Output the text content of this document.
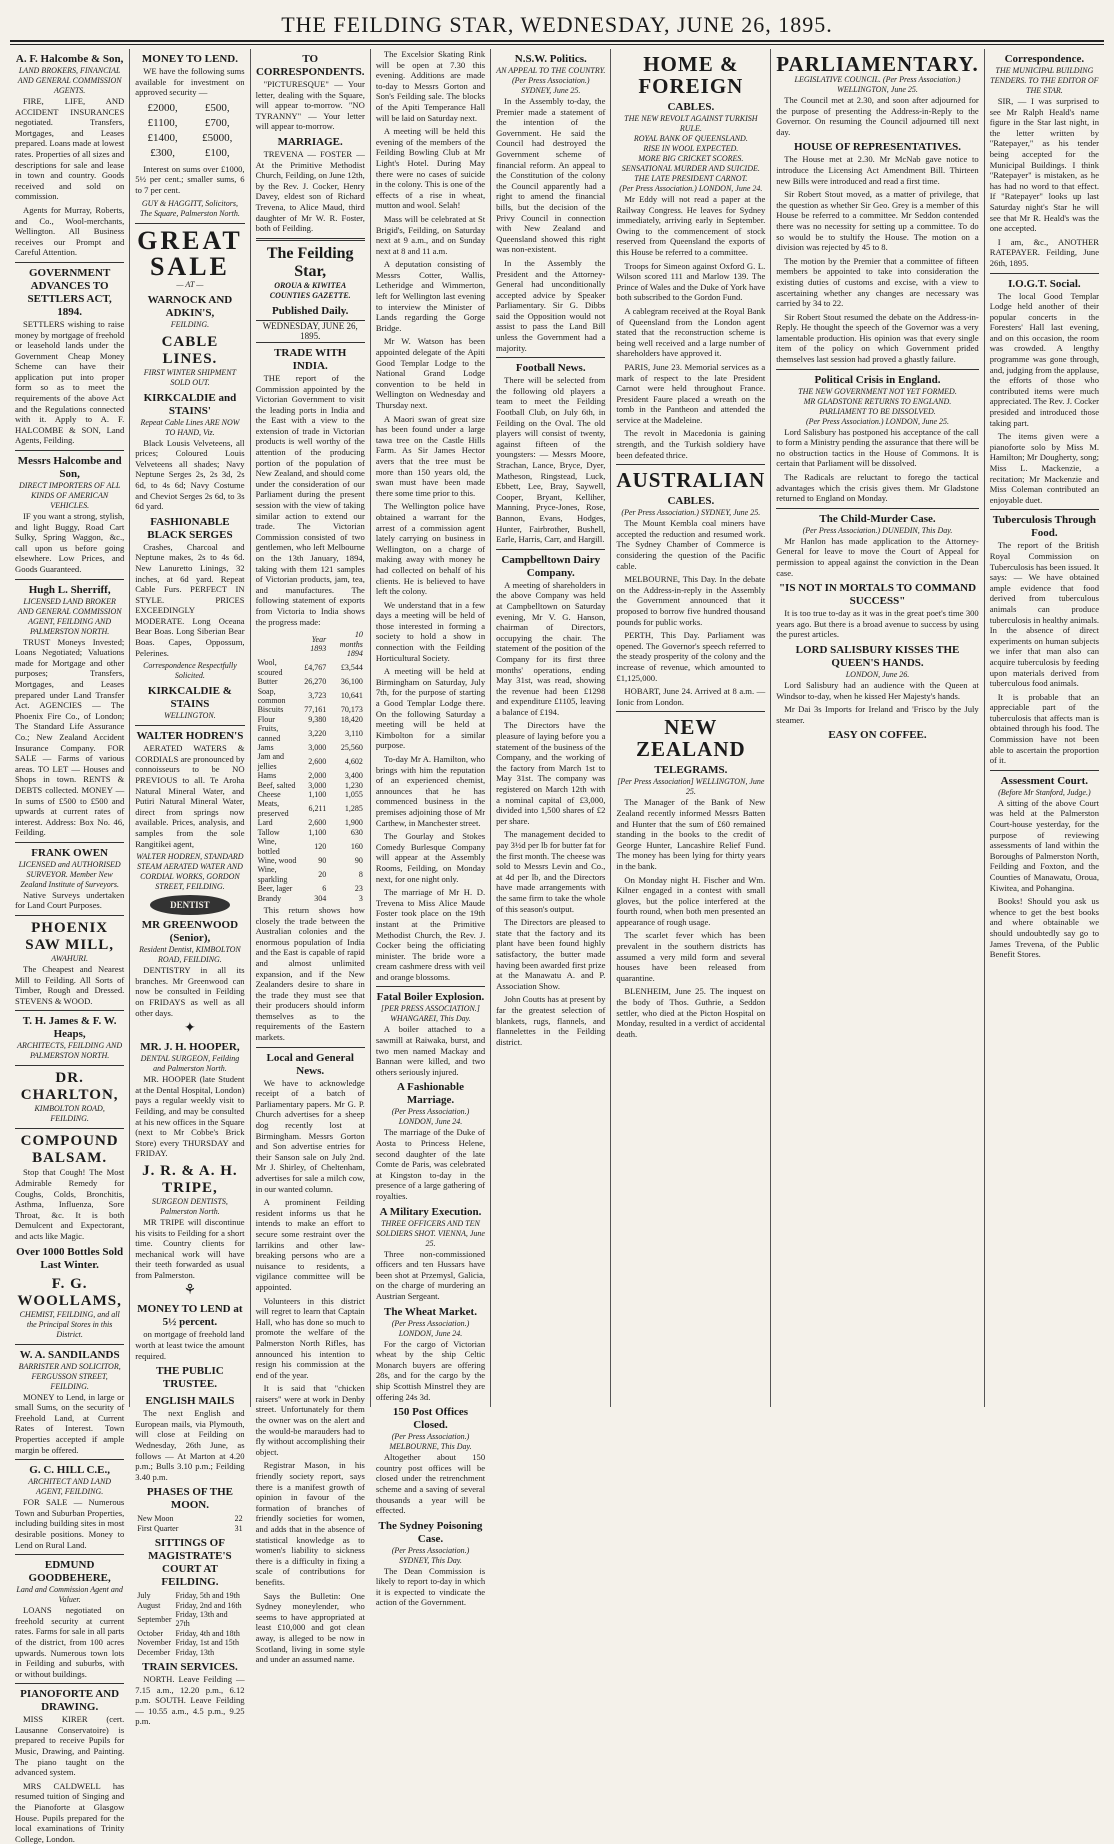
THE FEILDING STAR, WEDNESDAY, JUNE 26, 1895.
A. F. Halcombe & Son,
LAND BROKERS, FINANCIAL AND GENERAL COMMISSION AGENTS.

FIRE, LIFE, AND ACCIDENT INSURANCES negotiated. Transfers, Mortgages, and Leases prepared. Loans made at lowest rates. Properties of all sizes and descriptions for sale and lease in town and country. Goods received and sold on commission.

Agents for Murray, Roberts, and Co., Wool-merchants, Wellington. All Business receives our Prompt and Careful Attention.

GOVERNMENT ADVANCES TO SETTLERS ACT, 1894.

SETTLERS wishing to raise money by mortgage of freehold or leasehold lands under the Government Cheap Money Scheme can have their application put into proper form so as to meet the requirements of the above Act and the Regulations connected with it. Apply to A. F. HALCOMBE & SON, Land Agents, Feilding.

Messrs Halcombe and Son,
DIRECT IMPORTERS OF ALL KINDS OF AMERICAN VEHICLES.

IF you want a strong, stylish, and light Buggy, Road Cart Sulky, Spring Waggon, &c., call upon us before going elsewhere. Low Prices, and Goods Guaranteed.

Hugh L. Sherriff,
LICENSED LAND BROKER AND GENERAL COMMISSION AGENT, FEILDING AND PALMERSTON NORTH.

TRUST Moneys Invested; Loans Negotiated; Valuations made for Mortgage and other purposes; Transfers, Mortgages, and Leases prepared under Land Transfer Act. AGENCIES — The Phoenix Fire Co., of London; The Standard Life Assurance Co.; New Zealand Accident Insurance Company. FOR SALE — Farms of various areas. TO LET — Houses and Shops in town. RENTS & DEBTS collected. MONEY — In sums of £500 to £500 and upwards at current rates of interest. Address: Box No. 46, Feilding.

FRANK OWEN
LICENSED and AUTHORISED SURVEYOR. Member New Zealand Institute of Surveyors.

Native Surveys undertaken for Land Court Purposes.

PHOENIX SAW MILL,
AWAHURI.

The Cheapest and Nearest Mill to Feilding. All Sorts of Timber, Rough and Dressed. STEVENS & WOOD.

T. H. James & F. W. Heaps,
ARCHITECTS, FEILDING AND PALMERSTON NORTH.
DR. CHARLTON,
KIMBOLTON ROAD, FEILDING.
COMPOUND BALSAM.

Stop that Cough! The Most Admirable Remedy for Coughs, Colds, Bronchitis, Asthma, Influenza, Sore Throat, &c. It is both Demulcent and Expectorant, and acts like Magic.

Over 1000 Bottles Sold Last Winter.
F. G. WOOLLAMS,
CHEMIST, FEILDING, and all the Principal Stores in this District.
W. A. SANDILANDS
BARRISTER AND SOLICITOR, FERGUSSON STREET, FEILDING.

MONEY to Lend, in large or small Sums, on the security of Freehold Land, at Current Rates of Interest. Town Properties accepted if ample margin be offered.

G. C. HILL C.E.,
ARCHITECT AND LAND AGENT, FEILDING.

FOR SALE — Numerous Town and Suburban Properties, including building sites in most desirable positions. Money to Lend on Rural Land.

EDMUND GOODBEHERE,
Land and Commission Agent and Valuer.

LOANS negotiated on freehold security at current rates. Farms for sale in all parts of the district, from 100 acres upwards. Numerous town lots in Feilding and suburbs, with or without buildings.

PIANOFORTE AND DRAWING.

MISS KIRER (cert. Lausanne Conservatoire) is prepared to receive Pupils for Music, Drawing, and Painting. The piano taught on the advanced system.

MRS CALDWELL has resumed tuition of Singing and the Pianoforte at Glasgow House. Pupils prepared for the local examinations of Trinity College, London.

MONEY TO LEND.

WE have the following sums available for investment on approved security —

£2000,	£500,
£1100,	£700,
£1400,	£5000,
£300,	£100,

Interest on sums over £1000, 5½ per cent.; smaller sums, 6 to 7 per cent.

GUY & HAGGITT, Solicitors, The Square, Palmerston North.
GREAT SALE
— AT —
WARNOCK AND ADKIN'S,
FEILDING.
CABLE LINES.
FIRST WINTER SHIPMENT SOLD OUT.
KIRKCALDIE and STAINS'
Repeat Cable Lines ARE NOW TO HAND, Viz.

Black Lousis Velveteens, all prices; Coloured Louis Velveteens all shades; Navy Neptune Serges 2s, 2s 3d, 2s 6d, to 4s 6d; Navy Costume and Cheviot Serges 2s 6d, to 3s 6d yard.

FASHIONABLE BLACK SERGES

Crashes, Charcoal and Neptune makes, 2s to 4s 6d. New Lanuretto Linings, 32 inches, at 6d yard. Repeat Cable Furs. PERFECT IN STYLE. PRICES EXCEEDINGLY MODERATE. Long Oceana Bear Boas. Long Siberian Bear Boas. Capes, Oppossum, Pelerines.

Correspondence Respectfully Solicited.
KIRKCALDIE & STAINS
WELLINGTON.
WALTER HODREN'S

AERATED WATERS & CORDIALS are pronounced by connoisseurs to be NO PREVIOUS to all. Te Aroha Natural Mineral Water, and Putiri Natural Mineral Water, direct from springs now available. Prices, analysis, and samples from the sole Rangitikei agent,

WALTER HODREN, STANDARD STEAM AERATED WATER AND CORDIAL WORKS, GORDON STREET, FEILDING.
DENTIST
MR GREENWOOD (Senior),
Resident Dentist, KIMBOLTON ROAD, FEILDING.

DENTISTRY in all its branches. Mr Greenwood can now be consulted in Feilding on FRIDAYS as well as all other days.

✦
MR. J. H. HOOPER,
DENTAL SURGEON, Feilding and Palmerston North.

MR. HOOPER (late Student at the Dental Hospital, London) pays a regular weekly visit to Feilding, and may be consulted at his new offices in the Square (next to Mr Cobbe's Brick Store) every THURSDAY and FRIDAY.

J. R. & A. H. TRIPE,
SURGEON DENTISTS, Palmerston North.

MR TRIPE will discontinue his visits to Feilding for a short time. Country clients for mechanical work will have their teeth forwarded as usual from Palmerston.

⚘
MONEY TO LEND at 5½ percent.

on mortgage of freehold land worth at least twice the amount required.

THE PUBLIC TRUSTEE.
ENGLISH MAILS

The next English and European mails, via Plymouth, will close at Feilding on Wednesday, 26th June, as follows — At Marton at 4.20 p.m.; Bulls 3.10 p.m.; Feilding 3.40 p.m.

PHASES OF THE MOON.
New Moon	22
First Quarter	31
SITTINGS OF MAGISTRATE'S COURT AT FEILDING.
July	Friday, 5th and 19th
August	Friday, 2nd and 16th
September	Friday, 13th and 27th
October	Friday, 4th and 18th
November	Friday, 1st and 15th
December	Friday, 13th
TRAIN SERVICES.

NORTH. Leave Feilding — 7.15 a.m., 12.20 p.m., 6.12 p.m. SOUTH. Leave Feilding — 10.55 a.m., 4.5 p.m., 9.25 p.m.

TO CORRESPONDENTS.

"PICTURESQUE" — Your letter, dealing with the Square, will appear to-morrow. "NO TYRANNY" — Your letter will appear to-morrow.

MARRIAGE.

TREVENA — FOSTER — At the Primitive Methodist Church, Feilding, on June 12th, by the Rev. J. Cocker, Henry Davey, eldest son of Richard Trevena, to Alice Maud, third daughter of Mr W. R. Foster, both of Feilding.

The Feilding Star,
OROUA & KIWITEA COUNTIES GAZETTE.
Published Daily.
WEDNESDAY, JUNE 26, 1895.
TRADE WITH INDIA.

THE report of the Commission appointed by the Victorian Government to visit the leading ports in India and the East with a view to the extension of trade in Victorian products is well worthy of the attention of the producing portion of the population of New Zealand, and should come under the consideration of our Parliament during the present session with the view of taking similar action to extend our trade. The Victorian Commission consisted of two gentlemen, who left Melbourne on the 13th January, 1894, taking with them 121 samples of Victorian products, jam, tea, and manufactures. The following statement of exports from Victoria to India shows the progress made:

	Year 1893	10 months 1894
Wool, scoured	£4,767	£3,544
Butter	26,270	36,100
Soap, common	3,723	10,641
Biscuits	77,161	70,173
Flour	9,380	18,420
Fruits, canned	3,220	3,110
Jams	3,000	25,560
Jam and jellies	2,600	4,602
Hams	2,000	3,400
Beef, salted	3,000	1,230
Cheese	1,100	1,055
Meats, preserved	6,211	1,285
Lard	2,600	1,900
Tallow	1,100	630
Wine, bottled	120	160
Wine, wood	90	90
Wine, sparkling	20	8
Beer, lager	6	23
Brandy	304	3

This return shows how closely the trade between the Australian colonies and the enormous population of India and the East is capable of rapid and almost unlimited expansion, and if the New Zealanders desire to share in the trade they must see that their producers should inform themselves as to the requirements of the Eastern markets.

Local and General News.

We have to acknowledge receipt of a batch of Parliamentary papers. Mr G. P. Church advertises for a sheep dog recently lost at Birmingham. Messrs Gorton and Son advertise entries for their Sanson sale on July 2nd. Mr J. Shirley, of Cheltenham, advertises for sale a milch cow, in our wanted column.

A prominent Feilding resident informs us that he intends to make an effort to secure some restraint over the larrikins and other law-breaking persons who are a nuisance to residents, a vigilance committee will be appointed.

Volunteers in this district will regret to learn that Captain Hall, who has done so much to promote the welfare of the Palmerston North Rifles, has announced his intention to resign his commission at the end of the year.

It is said that "chicken raisers" were at work in Denby street. Unfortunately for them the owner was on the alert and the would-be marauders had to fly without accomplishing their object.

Registrar Mason, in his friendly society report, says there is a manifest growth of opinion in favour of the formation of branches of friendly societies for women, and adds that in the absence of statistical knowledge as to women's liability to sickness there is a difficulty in fixing a scale of contributions for benefits.

Says the Bulletin: One Sydney moneylender, who seems to have appropriated at least £10,000 and got clean away, is alleged to be now in Scotland, living in some style and under an assumed name.

The Excelsior Skating Rink will be open at 7.30 this evening. Additions are made to-day to Messrs Gorton and Son's Feilding sale. The blocks of the Apiti Temperance Hall will be laid on Saturday next.

A meeting will be held this evening of the members of the Feilding Bowling Club at Mr Light's Hotel. During May there were no cases of suicide in the colony. This is one of the effects of a rise in wheat, mutton and wool. Selah!

Mass will be celebrated at St Brigid's, Feilding, on Saturday next at 9 a.m., and on Sunday next at 8 and 11 a.m.

A deputation consisting of Messrs Cotter, Wallis, Letheridge and Wimmerton, left for Wellington last evening to interview the Minister of Lands regarding the Gorge Bridge.

Mr W. Watson has been appointed delegate of the Apiti Good Templar Lodge to the National Grand Lodge convention to be held in Wellington on Wednesday and Thursday next.

A Maori swan of great size has been found under a large tawa tree on the Castle Hills Farm. As Sir James Hector avers that the tree must be more than 150 years old, the swan must have been made there some time prior to this.

The Wellington police have obtained a warrant for the arrest of a commission agent lately carrying on business in Wellington, on a charge of making away with money he had collected on behalf of his clients. He is believed to have left the colony.

We understand that in a few days a meeting will be held of those interested in forming a society to hold a show in connection with the Feilding Horticultural Society.

A meeting will be held at Birmingham on Saturday, July 7th, for the purpose of starting a Good Templar Lodge there. On the following Saturday a meeting will be held at Kimbolton for a similar purpose.

To-day Mr A. Hamilton, who brings with him the reputation of an experienced chemist, announces that he has commenced business in the premises adjoining those of Mr Carthew, in Manchester street.

The Gourlay and Stokes Comedy Burlesque Company will appear at the Assembly Rooms, Feilding, on Monday next, for one night only.

The marriage of Mr H. D. Trevena to Miss Alice Maude Foster took place on the 19th instant at the Primitive Methodist Church, the Rev. J. Cocker being the officiating minister. The bride wore a cream cashmere dress with veil and orange blossoms.

Fatal Boiler Explosion.
[PER PRESS ASSOCIATION.] WHANGAREI, This Day.

A boiler attached to a sawmill at Raiwaka, burst, and two men named Mackay and Bannan were killed, and two others seriously injured.

A Fashionable Marriage.
(Per Press Association.) LONDON, June 24.

The marriage of the Duke of Aosta to Princess Helene, second daughter of the late Comte de Paris, was celebrated at Kingston to-day in the presence of a large gathering of royalties.

A Military Execution.
THREE OFFICERS AND TEN SOLDIERS SHOT. VIENNA, June 25.

Three non-commissioned officers and ten Hussars have been shot at Przemysl, Galicia, on the charge of murdering an Austrian Sergeant.

The Wheat Market.
(Per Press Association.) LONDON, June 24.

For the cargo of Victorian wheat by the ship Celtic Monarch buyers are offering 28s, and for the cargo by the ship Scottish Minstrel they are offering 24s 3d.

150 Post Offices Closed.
(Per Press Association.) MELBOURNE, This Day.

Altogether about 150 country post offices will be closed under the retrenchment scheme and a saving of several thousands a year will be effected.

The Sydney Poisoning Case.
(Per Press Association.) SYDNEY, This Day.

The Dean Commission is likely to report to-day in which it is expected to vindicate the action of the Government.

N.S.W. Politics.
AN APPEAL TO THE COUNTRY. (Per Press Association.) SYDNEY, June 25.

In the Assembly to-day, the Premier made a statement of the intention of the Government. He said the Council had destroyed the Government scheme of financial reform. An appeal to the Constitution of the colony the Council apparently had a right to amend the financial bills, but the decision of the Privy Council in connection with New Zealand and Queensland showed this right was non-existent.

In the Assembly the President and the Attorney-General had unconditionally accepted advice by Speaker Parliamentary. Sir G. Dibbs said the Opposition would not assist to pass the Land Bill unless the Government had a majority.

Football News.

There will be selected from the following old players a team to meet the Feilding Football Club, on July 6th, in Feilding on the Oval. The old players will consist of twenty, against fifteen of the youngsters: — Messrs Moore, Strachan, Lance, Bryce, Dyer, Matheson, Ringstead, Luck, Ebbett, Lee, Bray, Saywell, Cooper, Bryant, Kelliher, Manning, Pryce-Jones, Rose, Bannon, Evans, Hodges, Hunter, Fairbrother, Bushell, Earle, Harris, Carr, and Hargill.

Campbelltown Dairy Company.

A meeting of shareholders in the above Company was held at Campbelltown on Saturday evening, Mr V. G. Hanson, chairman of Directors, occupying the chair. The statement of the position of the Company for its first three months' operations, ending May 31st, was read, showing the revenue had been £1298 and expenditure £1105, leaving a balance of £194.

The Directors have the pleasure of laying before you a statement of the business of the Company, and the working of the factory from March 1st to May 31st. The company was registered on March 12th with a nominal capital of £3,000, divided into 1,500 shares of £2 per share.

The management decided to pay 3½d per lb for butter fat for the first month. The cheese was sold to Messrs Levin and Co., at 4d per lb, and the Directors have made arrangements with the same firm to take the whole of this season's output.

The Directors are pleased to state that the factory and its plant have been found highly satisfactory, the butter made having been awarded first prize at the Manawatu A. and P. Association Show.

John Coutts has at present by far the greatest selection of blankets, rugs, flannels, and flannelettes in the Feilding district.

HOME & FOREIGN
CABLES.
THE NEW REVOLT AGAINST TURKISH RULE.
ROYAL BANK OF QUEENSLAND.
RISE IN WOOL EXPECTED.
MORE BIG CRICKET SCORES.
SENSATIONAL MURDER AND SUICIDE.
THE LATE PRESIDENT CARNOT.
(Per Press Association.) LONDON, June 24.

Mr Eddy will not read a paper at the Railway Congress. He leaves for Sydney immediately, arriving early in September. Owing to the commencement of stock reserved from Queensland the exports of this House be referred to a committee.

Troops for Simeon against Oxford G. L. Wilson scored 111 and Marlow 139. The Prince of Wales and the Duke of York have both subscribed to the Gordon Fund.

A cablegram received at the Royal Bank of Queensland from the London agent stated that the reconstruction scheme is being well received and a large number of shareholders have approved it.

PARIS, June 23. Memorial services as a mark of respect to the late President Carnot were held throughout France. President Faure placed a wreath on the tomb in the Pantheon and attended the service at the Madeleine.

The revolt in Macedonia is gaining strength, and the Turkish soldiery have been defeated thrice.

AUSTRALIAN
CABLES.
(Per Press Association.) SYDNEY, June 25.

The Mount Kembla coal miners have accepted the reduction and resumed work. The Sydney Chamber of Commerce is considering the question of the Pacific cable.

MELBOURNE, This Day. In the debate on the Address-in-reply in the Assembly the Government announced that it proposed to borrow five hundred thousand pounds for public works.

PERTH, This Day. Parliament was opened. The Governor's speech referred to the steady prosperity of the colony and the increase of revenue, which amounted to £1,125,000.

HOBART, June 24. Arrived at 8 a.m. — Ionic from London.

NEW ZEALAND
TELEGRAMS.
[Per Press Association] WELLINGTON, June 25.

The Manager of the Bank of New Zealand recently informed Messrs Batten and Hunter that the sum of £60 remained standing in the books to the credit of George Hunter, Lancashire Relief Fund. The money has been lying for thirty years in the bank.

On Monday night H. Fischer and Wm. Kilner engaged in a contest with small gloves, but the police interfered at the fourth round, when both men presented an appearance of rough usage.

The scarlet fever which has been prevalent in the southern districts has assumed a very mild form and several houses have been released from quarantine.

BLENHEIM, June 25. The inquest on the body of Thos. Guthrie, a Seddon settler, who died at the Picton Hospital on Monday, resulted in a verdict of accidental death.

PARLIAMENTARY.
LEGISLATIVE COUNCIL. (Per Press Association.) WELLINGTON, June 25.

The Council met at 2.30, and soon after adjourned for the purpose of presenting the Address-in-Reply to the Governor. On resuming the Council adjourned till next day.

HOUSE OF REPRESENTATIVES.

The House met at 2.30. Mr McNab gave notice to introduce the Licensing Act Amendment Bill. Thirteen new Bills were introduced and read a first time.

Sir Robert Stout moved, as a matter of privilege, that the question as whether Sir Geo. Grey is a member of this House be referred to a committee. Mr Seddon contended there was no necessity for setting up a committee. To do so would be to stultify the House. The motion on a division was rejected by 45 to 8.

The motion by the Premier that a committee of fifteen members be appointed to take into consideration the existing duties of customs and excise, with a view to ascertaining whether any changes are necessary was carried by 34 to 22.

Sir Robert Stout resumed the debate on the Address-in-Reply. He thought the speech of the Governor was a very lamentable production. His opinion was that every single item of the policy on which Government prided themselves last session had proved a ghastly failure.

Political Crisis in England.
THE NEW GOVERNMENT NOT YET FORMED.
MR GLADSTONE RETURNS TO ENGLAND.
PARLIAMENT TO BE DISSOLVED.
(Per Press Association.) LONDON, June 25.

Lord Salisbury has postponed his acceptance of the call to form a Ministry pending the assurance that there will be no obstruction tactics in the House of Commons. It is certain that Parliament will be dissolved.

The Radicals are reluctant to forego the tactical advantages which the crisis gives them. Mr Gladstone returned to England on Monday.

The Child-Murder Case.
(Per Press Association.) DUNEDIN, This Day.

Mr Hanlon has made application to the Attorney-General for leave to move the Court of Appeal for permission to appeal against the conviction in the Dean case.

"IS NOT IN MORTALS TO COMMAND SUCCESS"

It is too true to-day as it was in the great poet's time 300 years ago. But there is a broad avenue to success by using the purest articles.

LORD SALISBURY KISSES THE QUEEN'S HANDS.
LONDON, June 26.

Lord Salisbury had an audience with the Queen at Windsor to-day, when he kissed Her Majesty's hands.

Mr Dai 3s Imports for Ireland and 'Frisco by the July steamer.

EASY ON COFFEE.
Correspondence.
THE MUNICIPAL BUILDING TENDERS. TO THE EDITOR OF THE STAR.

SIR, — I was surprised to see Mr Ralph Heald's name figure in the Star last night, in the letter written by "Ratepayer," as his tender being accepted for the Municipal Buildings. I think "Ratepayer" is mistaken, as he has had no word to that effect. If "Ratepayer" looks up last Saturday night's Star he will see that Mr R. Heald's was the one accepted.

I am, &c., ANOTHER RATEPAYER. Feilding, June 26th, 1895.

I.O.G.T. Social.

The local Good Templar Lodge held another of their popular concerts in the Foresters' Hall last evening, and on this occasion, the room was crowded. A lengthy programme was gone through, and, judging from the applause, the efforts of those who contributed items were much appreciated. The Rev. J. Cocker presided and introduced those taking part.

The items given were a pianoforte solo by Miss M. Hamilton; Mr Dougherty, song; Miss L. Mackenzie, a recitation; Mr Mackenzie and Miss Coleman contributed an enjoyable duet.

Tuberculosis Through Food.

The report of the British Royal Commission on Tuberculosis has been issued. It says: — We have obtained ample evidence that food derived from tuberculous animals can produce tuberculosis in healthy animals. In the absence of direct experiments on human subjects we infer that man also can acquire tuberculosis by feeding upon materials derived from tuberculous food animals.

It is probable that an appreciable part of the tuberculosis that affects man is obtained through his food. The Commission have not been able to ascertain the proportion of it.

Assessment Court.
(Before Mr Stanford, Judge.)

A sitting of the above Court was held at the Palmerston Court-house yesterday, for the purpose of reviewing assessments of land within the Boroughs of Palmerston North, Feilding and Foxton, and the Counties of Manawatu, Oroua, Kiwitea, and Pohangina.

Books! Should you ask us whence to get the best books and where obtainable we should undoubtedly say go to James Trevena, of the Public Benefit Stores.
